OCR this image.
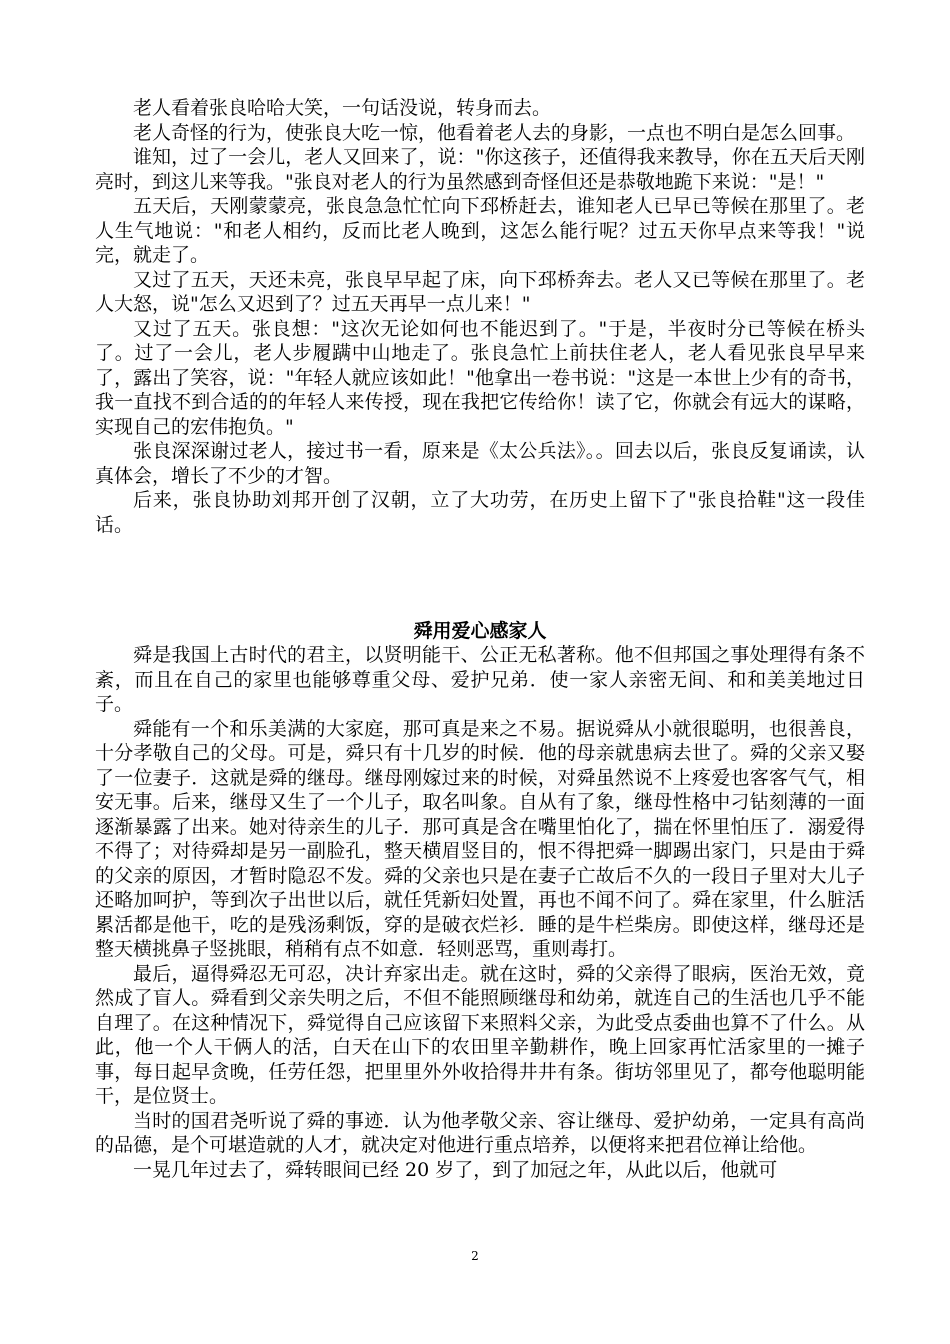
老人看着张良哈哈大笑，一句话没说，转身而去。

老人奇怪的行为，使张良大吃一惊，他看着老人去的身影，一点也不明白是怎么回事。

谁知，过了一会儿，老人又回来了，说："你这孩子，还值得我来教导，你在五天后天刚亮时，到这儿来等我。"张良对老人的行为虽然感到奇怪但还是恭敬地跪下来说："是！"

五天后，天刚蒙蒙亮，张良急急忙忙向下邳桥赶去，谁知老人已早已等候在那里了。老人生气地说："和老人相约，反而比老人晚到，这怎么能行呢？过五天你早点来等我！"说完，就走了。

又过了五天，天还未亮，张良早早起了床，向下邳桥奔去。老人又已等候在那里了。老人大怒，说"怎么又迟到了？过五天再早一点儿来！"

又过了五天。张良想："这次无论如何也不能迟到了。"于是，半夜时分已等候在桥头了。过了一会儿，老人步履蹒中山地走了。张良急忙上前扶住老人，老人看见张良早早来了，露出了笑容，说："年轻人就应该如此！"他拿出一卷书说："这是一本世上少有的奇书，我一直找不到合适的的年轻人来传授，现在我把它传给你！读了它，你就会有远大的谋略，实现自己的宏伟抱负。"

张良深深谢过老人，接过书一看，原来是《太公兵法》。。回去以后，张良反复诵读，认真体会，增长了不少的才智。

后来，张良协助刘邦开创了汉朝，立了大功劳，在历史上留下了"张良拾鞋"这一段佳话。

舜用爱心感家人

舜是我国上古时代的君主，以贤明能干、公正无私著称。他不但邦国之事处理得有条不紊，而且在自己的家里也能够尊重父母、爱护兄弟．使一家人亲密无间、和和美美地过日子。

舜能有一个和乐美满的大家庭，那可真是来之不易。据说舜从小就很聪明，也很善良，十分孝敬自己的父母。可是，舜只有十几岁的时候．他的母亲就患病去世了。舜的父亲又娶了一位妻子．这就是舜的继母。继母刚嫁过来的时候，对舜虽然说不上疼爱也客客气气，相安无事。后来，继母又生了一个儿子，取名叫象。自从有了象，继母性格中刁钻刻薄的一面逐渐暴露了出来。她对待亲生的儿子．那可真是含在嘴里怕化了，揣在怀里怕压了．溺爱得不得了；对待舜却是另一副脸孔，整天横眉竖目的，恨不得把舜一脚踢出家门，只是由于舜的父亲的原因，才暂时隐忍不发。舜的父亲也只是在妻子亡故后不久的一段日子里对大儿子还略加呵护，等到次子出世以后，就任凭新妇处置，再也不闻不问了。舜在家里，什么脏活累活都是他干，吃的是残汤剩饭，穿的是破衣烂衫．睡的是牛栏柴房。即使这样，继母还是整天横挑鼻子竖挑眼，稍稍有点不如意．轻则恶骂，重则毒打。

最后，逼得舜忍无可忍，决计弃家出走。就在这时，舜的父亲得了眼病，医治无效，竟然成了盲人。舜看到父亲失明之后，不但不能照顾继母和幼弟，就连自己的生活也几乎不能自理了。在这种情况下，舜觉得自己应该留下来照料父亲，为此受点委曲也算不了什么。从此，他一个人干俩人的活，白天在山下的农田里辛勤耕作，晚上回家再忙活家里的一摊子事，每日起早贪晚，任劳任怨，把里里外外收拾得井井有条。街坊邻里见了，都夸他聪明能干，是位贤士。

当时的国君尧听说了舜的事迹．认为他孝敬父亲、容让继母、爱护幼弟，一定具有高尚的品德，是个可堪造就的人才，就决定对他进行重点培养，以便将来把君位禅让给他。

一晃几年过去了，舜转眼间已经 20 岁了，到了加冠之年，从此以后，他就可

2
